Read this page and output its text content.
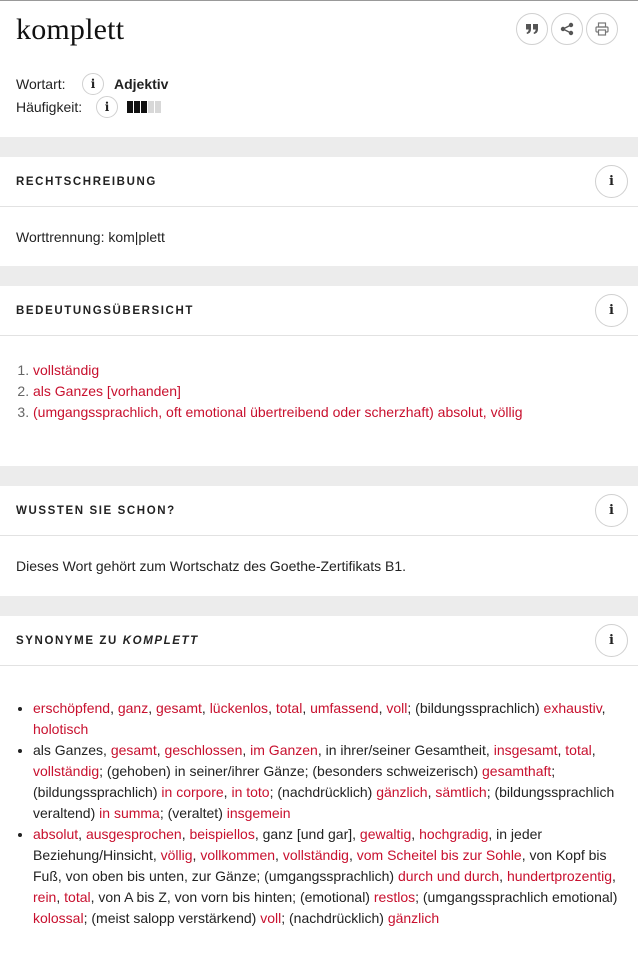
komplett
Wortart:	i	Adjektiv
Häufigkeit:	i
RECHTSCHREIBUNG	i
Worttrennung: kom|plett
BEDEUTUNGSÜBERSICHT	i
1. vollständig
2. als Ganzes [vorhanden]
3. (umgangssprachlich, oft emotional übertreibend oder scherzhaft) absolut, völlig
WUSSTEN SIE SCHON?	i
Dieses Wort gehört zum Wortschatz des Goethe-Zertifikats B1.
SYNONYME ZU KOMPLETT	i
• erschöpfend, ganz, gesamt, lückenlos, total, umfassend, voll; (bildungssprachlich) exhaustiv, holotisch
• als Ganzes, gesamt, geschlossen, im Ganzen, in ihrer/seiner Gesamtheit, insgesamt, total, vollständig; (gehoben) in seiner/ihrer Gänze; (besonders schweizerisch) gesamthaft; (bildungssprachlich) in corpore, in toto; (nachdrücklich) gänzlich, sämtlich; (bildungssprachlich veraltend) in summa; (veraltet) insgemein
• absolut, ausgesprochen, beispiellos, ganz [und gar], gewaltig, hochgradig, in jeder Beziehung/Hinsicht, völlig, vollkommen, vollständig, vom Scheitel bis zur Sohle, von Kopf bis Fuß, von oben bis unten, zur Gänze; (umgangssprachlich) durch und durch, hundertprozentig, rein, total, von A bis Z, von vorn bis hinten; (emotional) restlos; (umgangssprachlich emotional) kolossal; (meist salopp verstärkend) voll; (nachdrücklich) gänzlich
